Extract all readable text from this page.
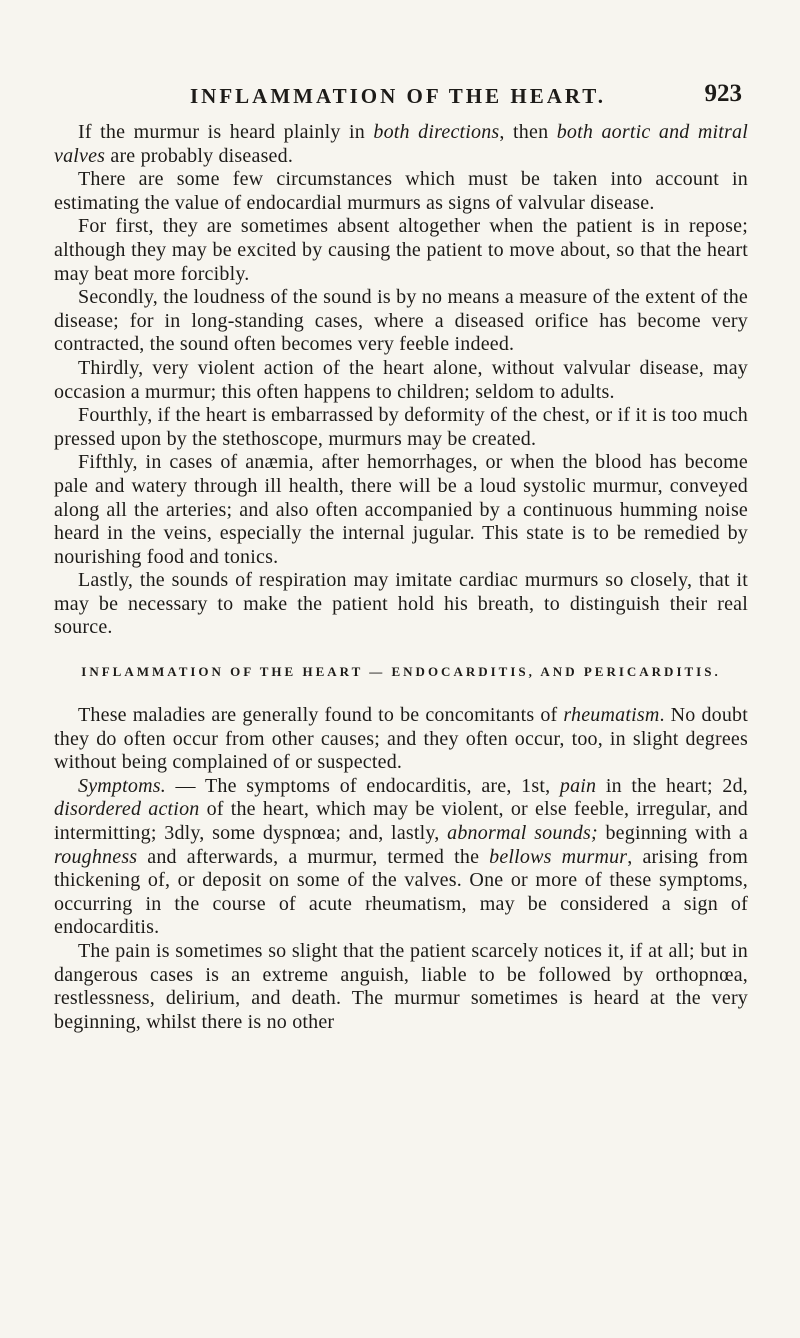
INFLAMMATION OF THE HEART.	923

If the murmur is heard plainly in both directions, then both aortic and mitral valves are probably diseased.

There are some few circumstances which must be taken into account in estimating the value of endocardial murmurs as signs of valvular disease.

For first, they are sometimes absent altogether when the patient is in repose; although they may be excited by causing the patient to move about, so that the heart may beat more forcibly.

Secondly, the loudness of the sound is by no means a measure of the extent of the disease; for in long-standing cases, where a diseased orifice has become very contracted, the sound often becomes very feeble indeed.

Thirdly, very violent action of the heart alone, without valvular disease, may occasion a murmur; this often happens to children; seldom to adults.

Fourthly, if the heart is embarrassed by deformity of the chest, or if it is too much pressed upon by the stethoscope, murmurs may be created.

Fifthly, in cases of anæmia, after hemorrhages, or when the blood has become pale and watery through ill health, there will be a loud systolic murmur, conveyed along all the arteries; and also often accompanied by a continuous humming noise heard in the veins, especially the internal jugular. This state is to be remedied by nourishing food and tonics.

Lastly, the sounds of respiration may imitate cardiac murmurs so closely, that it may be necessary to make the patient hold his breath, to distinguish their real source.

INFLAMMATION OF THE HEART — ENDOCARDITIS, AND PERICARDITIS.

These maladies are generally found to be concomitants of rheumatism. No doubt they do often occur from other causes; and they often occur, too, in slight degrees without being complained of or suspected.

Symptoms. — The symptoms of endocarditis, are, 1st, pain in the heart; 2d, disordered action of the heart, which may be violent, or else feeble, irregular, and intermitting; 3dly, some dyspnœa; and, lastly, abnormal sounds; beginning with a roughness and afterwards, a murmur, termed the bellows murmur, arising from thickening of, or deposit on some of the valves. One or more of these symptoms, occurring in the course of acute rheumatism, may be considered a sign of endocarditis.

The pain is sometimes so slight that the patient scarcely notices it, if at all; but in dangerous cases is an extreme anguish, liable to be followed by orthopnœa, restlessness, delirium, and death. The murmur sometimes is heard at the very beginning, whilst there is no other
